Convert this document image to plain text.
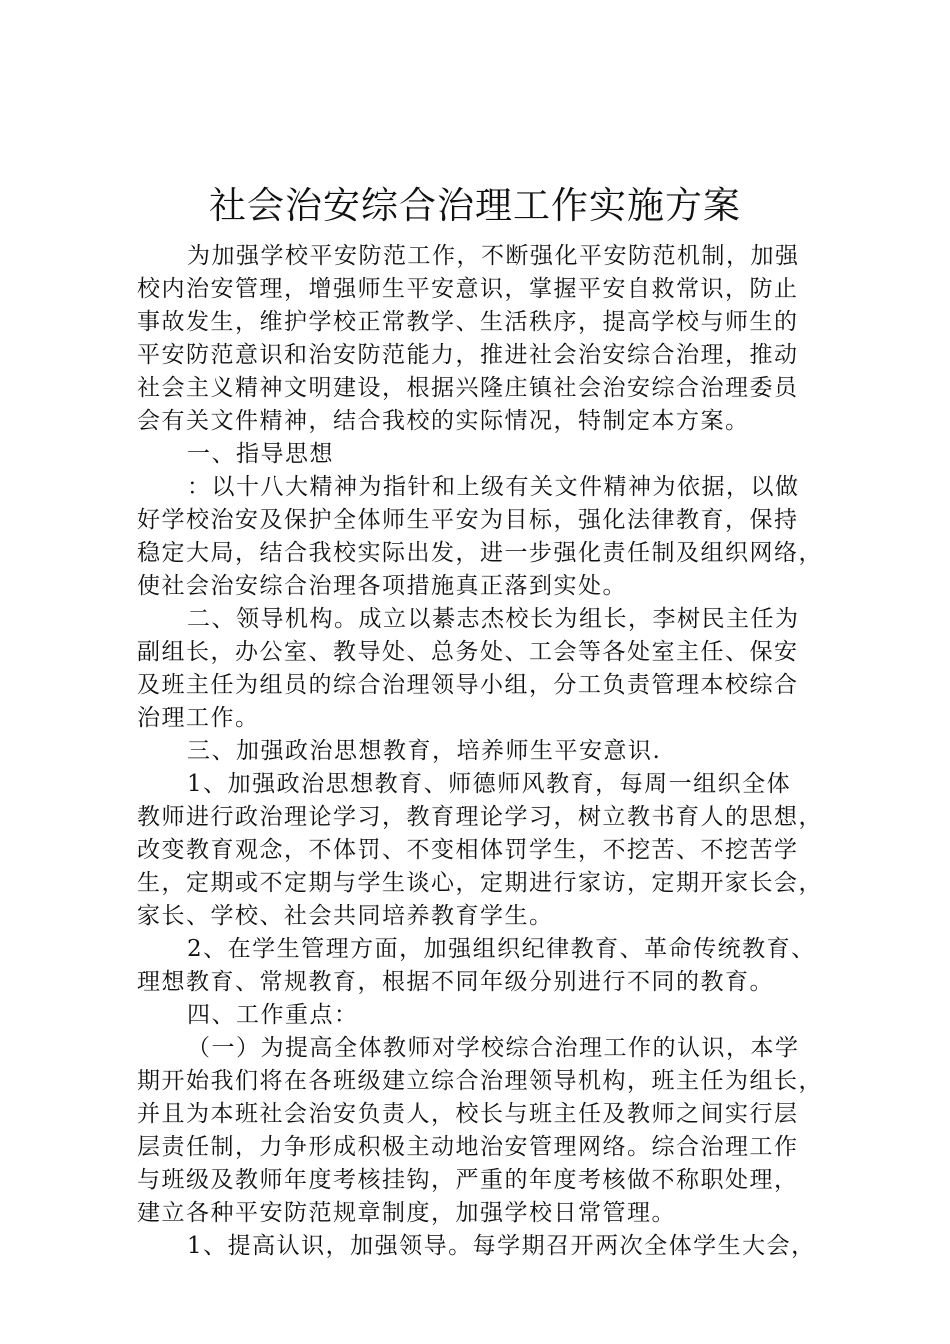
社会治安综合治理工作实施方案
为加强学校平安防范工作，不断强化平安防范机制，加强
校内治安管理，增强师生平安意识，掌握平安自救常识，防止
事故发生，维护学校正常教学、生活秩序，提高学校与师生的
平安防范意识和治安防范能力，推进社会治安综合治理，推动
社会主义精神文明建设，根据兴隆庄镇社会治安综合治理委员
会有关文件精神，结合我校的实际情况，特制定本方案。
一、指导思想
：以十八大精神为指针和上级有关文件精神为依据，以做
好学校治安及保护全体师生平安为目标，强化法律教育，保持
稳定大局，结合我校实际出发，进一步强化责任制及组织网络，
使社会治安综合治理各项措施真正落到实处。
二、领导机构。成立以綦志杰校长为组长，李树民主任为
副组长，办公室、教导处、总务处、工会等各处室主任、保安
及班主任为组员的综合治理领导小组，分工负责管理本校综合
治理工作。
三、加强政治思想教育，培养师生平安意识.
1、加强政治思想教育、师德师风教育，每周一组织全体
教师进行政治理论学习，教育理论学习，树立教书育人的思想，
改变教育观念，不体罚、不变相体罚学生，不挖苦、不挖苦学
生，定期或不定期与学生谈心，定期进行家访，定期开家长会，
家长、学校、社会共同培养教育学生。
2、在学生管理方面，加强组织纪律教育、革命传统教育、
理想教育、常规教育，根据不同年级分别进行不同的教育。
四、工作重点：
（一）为提高全体教师对学校综合治理工作的认识，本学
期开始我们将在各班级建立综合治理领导机构，班主任为组长，
并且为本班社会治安负责人，校长与班主任及教师之间实行层
层责任制，力争形成积极主动地治安管理网络。综合治理工作
与班级及教师年度考核挂钩，严重的年度考核做不称职处理，
建立各种平安防范规章制度，加强学校日常管理。
1、提高认识，加强领导。每学期召开两次全体学生大会，
